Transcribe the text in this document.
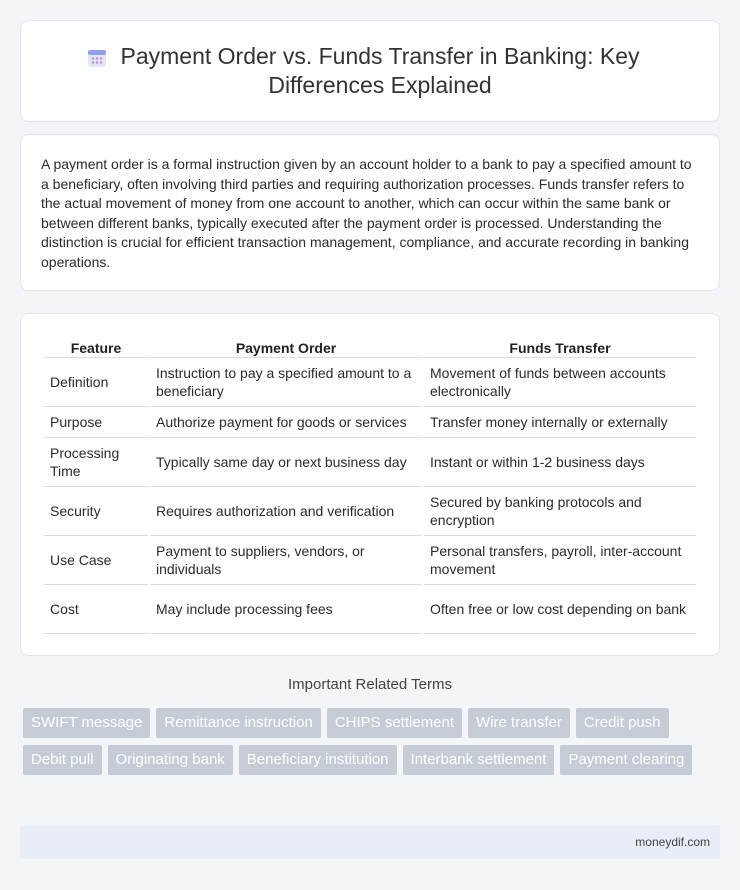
Payment Order vs. Funds Transfer in Banking: Key Differences Explained

A payment order is a formal instruction given by an account holder to a bank to pay a specified amount to a beneficiary, often involving third parties and requiring authorization processes. Funds transfer refers to the actual movement of money from one account to another, which can occur within the same bank or between different banks, typically executed after the payment order is processed. Understanding the distinction is crucial for efficient transaction management, compliance, and accurate recording in banking operations.

Feature	Payment Order	Funds Transfer
Definition	Instruction to pay a specified amount to a beneficiary	Movement of funds between accounts electronically
Purpose	Authorize payment for goods or services	Transfer money internally or externally
Processing Time	Typically same day or next business day	Instant or within 1-2 business days
Security	Requires authorization and verification	Secured by banking protocols and encryption
Use Case	Payment to suppliers, vendors, or individuals	Personal transfers, payroll, inter-account movement
Cost	May include processing fees	Often free or low cost depending on bank
Important Related Terms
SWIFT message	Remittance instruction	CHIPS settlement	Wire transfer	Credit push
Debit pull	Originating bank	Beneficiary institution	Interbank settlement	Payment clearing
moneydif.com
